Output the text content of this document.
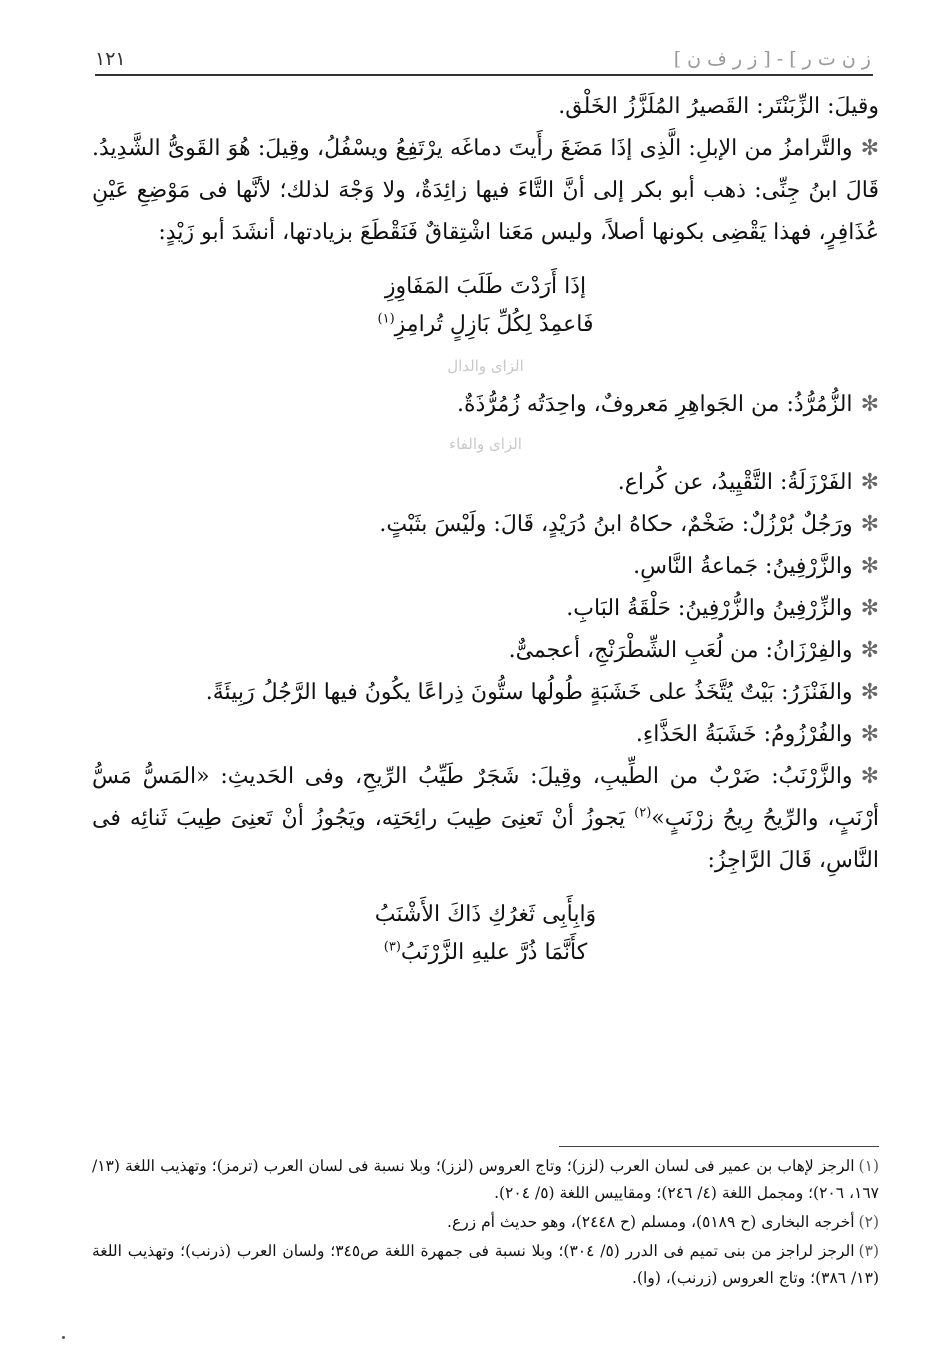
ز ن ت ر ] - [ ز ر ف ن ]
١٢١

وقيلَ: الزِّبَنْتَر: القَصيرُ المُلَزَّزُ الخَلْق.

✻والتَّرامزُ من الإبلِ: الَّذِى إذَا مَضَغَ رأَيتَ دماغَه يرْتَفِعُ ويسْفُلُ، وقِيلَ: هُوَ القَوىُّ الشَّدِيدُ. قَالَ ابنُ جِنِّى: ذهب أبو بكر إلى أنَّ التَّاءَ فيها زائِدَةٌ، ولا وَجْهَ لذلك؛ لأنَّها فى مَوْضِعِ عَيْنِ عُذَافِرٍ، فهذا يَقْضِى بكونها أصلاً، وليس مَعَنا اشْتِقاقٌ فَنَقْطَعَ بزيادتها، أنشَدَ أبو زَيْدٍ:

إذَا أَرَدْتَ طَلَبَ المَفَاوِزِ

فَاعمِدْ لِكُلِّ بَازِلٍ تُرامِزِ$^{(١)}$

الزاى والدال

✻الزُّمُرُّذُ: من الجَواهِرِ مَعروفٌ، واحِدَتُه زُمُرُّذَةٌ.

الزاى والفاء

✻الفَرْزَلَةُ: التَّقْيِيدُ، عن كُراع.

✻ورَجُلٌ بُرْزُلٌ: ضَخْمٌ، حكاهُ ابنُ دُرَيْدٍ، قَالَ: ولَيْسَ بثَبْتٍ.

✻والزَّرْفِينُ: جَماعةُ النَّاسِ.

✻والزِّرْفِينُ والزُّرْفِينُ: حَلْقَةُ البَابِ.

✻والفِرْزَانُ: من لُعَبِ الشِّطْرَنْجِ، أعجمىٌّ.

✻والفَنْزَرُ: بَيْتٌ يُتَّخَذُ على خَشَبَةٍ طُولُها ستُّونَ ذِراعًا يكُونُ فيها الرَّجُلُ رَبِيئَةً.

✻والفُرْزُومُ: خَشَبَةُ الحَذَّاءِ.

✻والزَّرْنَبُ: ضَرْبٌ من الطِّيبِ، وقِيلَ: شَجَرٌ طَيِّبُ الرِّيحِ، وفى الحَديثِ: «المَسُّ مَسُّ أرْنَبٍ، والرِّيحُ رِيحُ زرْنَبٍ»$^{(٢)}$ يَجوزُ أنْ تَعنِىَ طِيبَ رائِحَتِه، ويَجُوزُ أنْ تَعنِىَ طِيبَ ثَنائِه فى النَّاسِ، قَالَ الرَّاجِزُ:

وَابِأَبِى ثَغرُكِ ذَاكَ الأَشْنَبُ

كأَنَّمَا ذُرَّ عليهِ الزَّرْنَبُ$^{(٣)}$

(١)الرجز لإهاب بن عمير فى لسان العرب (لزز)؛ وتاج العروس (لزز)؛ وبلا نسبة فى لسان العرب (ترمز)؛ وتهذيب اللغة (١٣/ ١٦٧، ٢٠٦)؛ ومجمل اللغة (٤/ ٢٤٦)؛ ومقاييس اللغة (٥/ ٢٠٤).

(٢)أخرجه البخارى (ح ٥١٨٩)، ومسلم (ح ٢٤٤٨)، وهو حديث أم زرع.

(٣)الرجز لراجز من بنى تميم فى الدرر (٥/ ٣٠٤)؛ وبلا نسبة فى جمهرة اللغة ص٣٤٥؛ ولسان العرب (ذرنب)؛ وتهذيب اللغة (١٣/ ٣٨٦)؛ وتاج العروس (زرنب)، (وا).
